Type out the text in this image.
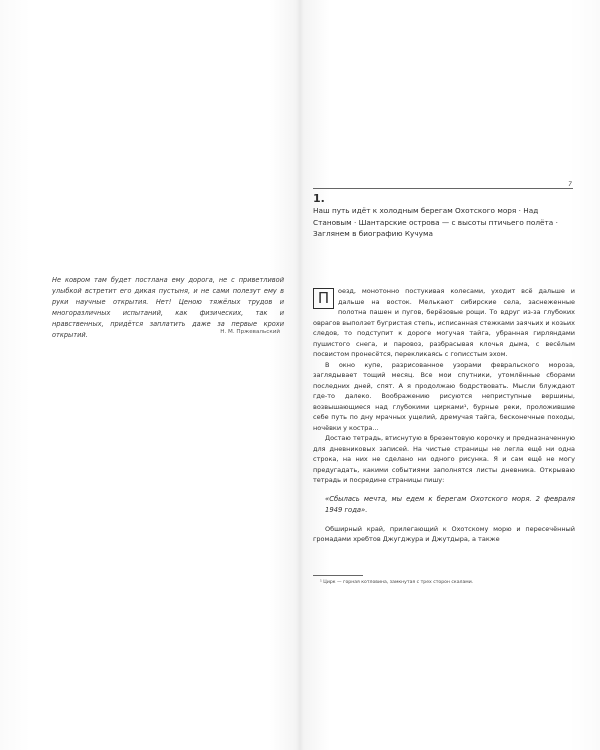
Не ковром там будет постлана ему дорога, не с приветливой улыбкой встретит его дикая пустыня, и не сами полезут ему в руки научные открытия. Нет! Ценою тяжёлых трудов и многоразличных испытаний, как физических, так и нравственных, придётся заплатить даже за первые крохи открытий.	Н. М. Пржевальский
7
1.
Наш путь идёт к холодным берегам Охотского моря · Над Становым · Шантарские острова — с высоты птичьего полёта · Заглянем в биографию Кучума

П	оезд, монотонно постукивая колесами, уходит всё дальше и дальше на восток. Мелькают сибирские села, заснеженные полотна пашен и пугов, берёзовые рощи. То вдруг из-за глубоких оврагов выползет бугристая степь, исписанная стежками заячьих и козьих следов, то подступит к дороге могучая тайга, убранная гирляндами пушистого снега, и паровоз, разбрасывая клочья дыма, с весёлым посвистом пронесётся, перекликаясь с гописстым эхом.

В окно купе, разрисованное узорами февральского мороза, заглядывает тощий месяц. Все мои спутники, утомлённые сборами последних дней, спят. А я продолжаю бодрствовать. Мысли блуждают где-то далеко. Воображению рисуются неприступные вершины, возвышающиеся над глубокими цирками¹, бурные реки, проложившие себе путь по дну мрачных ущелий, дремучая тайга, бесконечные походы, ночёвки у костра...

Достаю тетрадь, втиснутую в брезентовую корочку и предназначенную для дневниковых записей. На чистые страницы не легла ещё ни одна строка, на них не сделано ни одного рисунка. Я и сам ещё не могу предугадать, какими событиями заполнятся листы дневника. Открываю тетрадь и посредине страницы пишу:

«Сбылась мечта, мы едем к берегам Охотского моря. 2 февраля 1949 года».

Обширный край, прилегающий к Охотскому морю и пересечённый громадами хребтов Джугджура и Джутдыра, а также

¹ Цирк — горная котловина, замкнутая с трех сторон скалами.
